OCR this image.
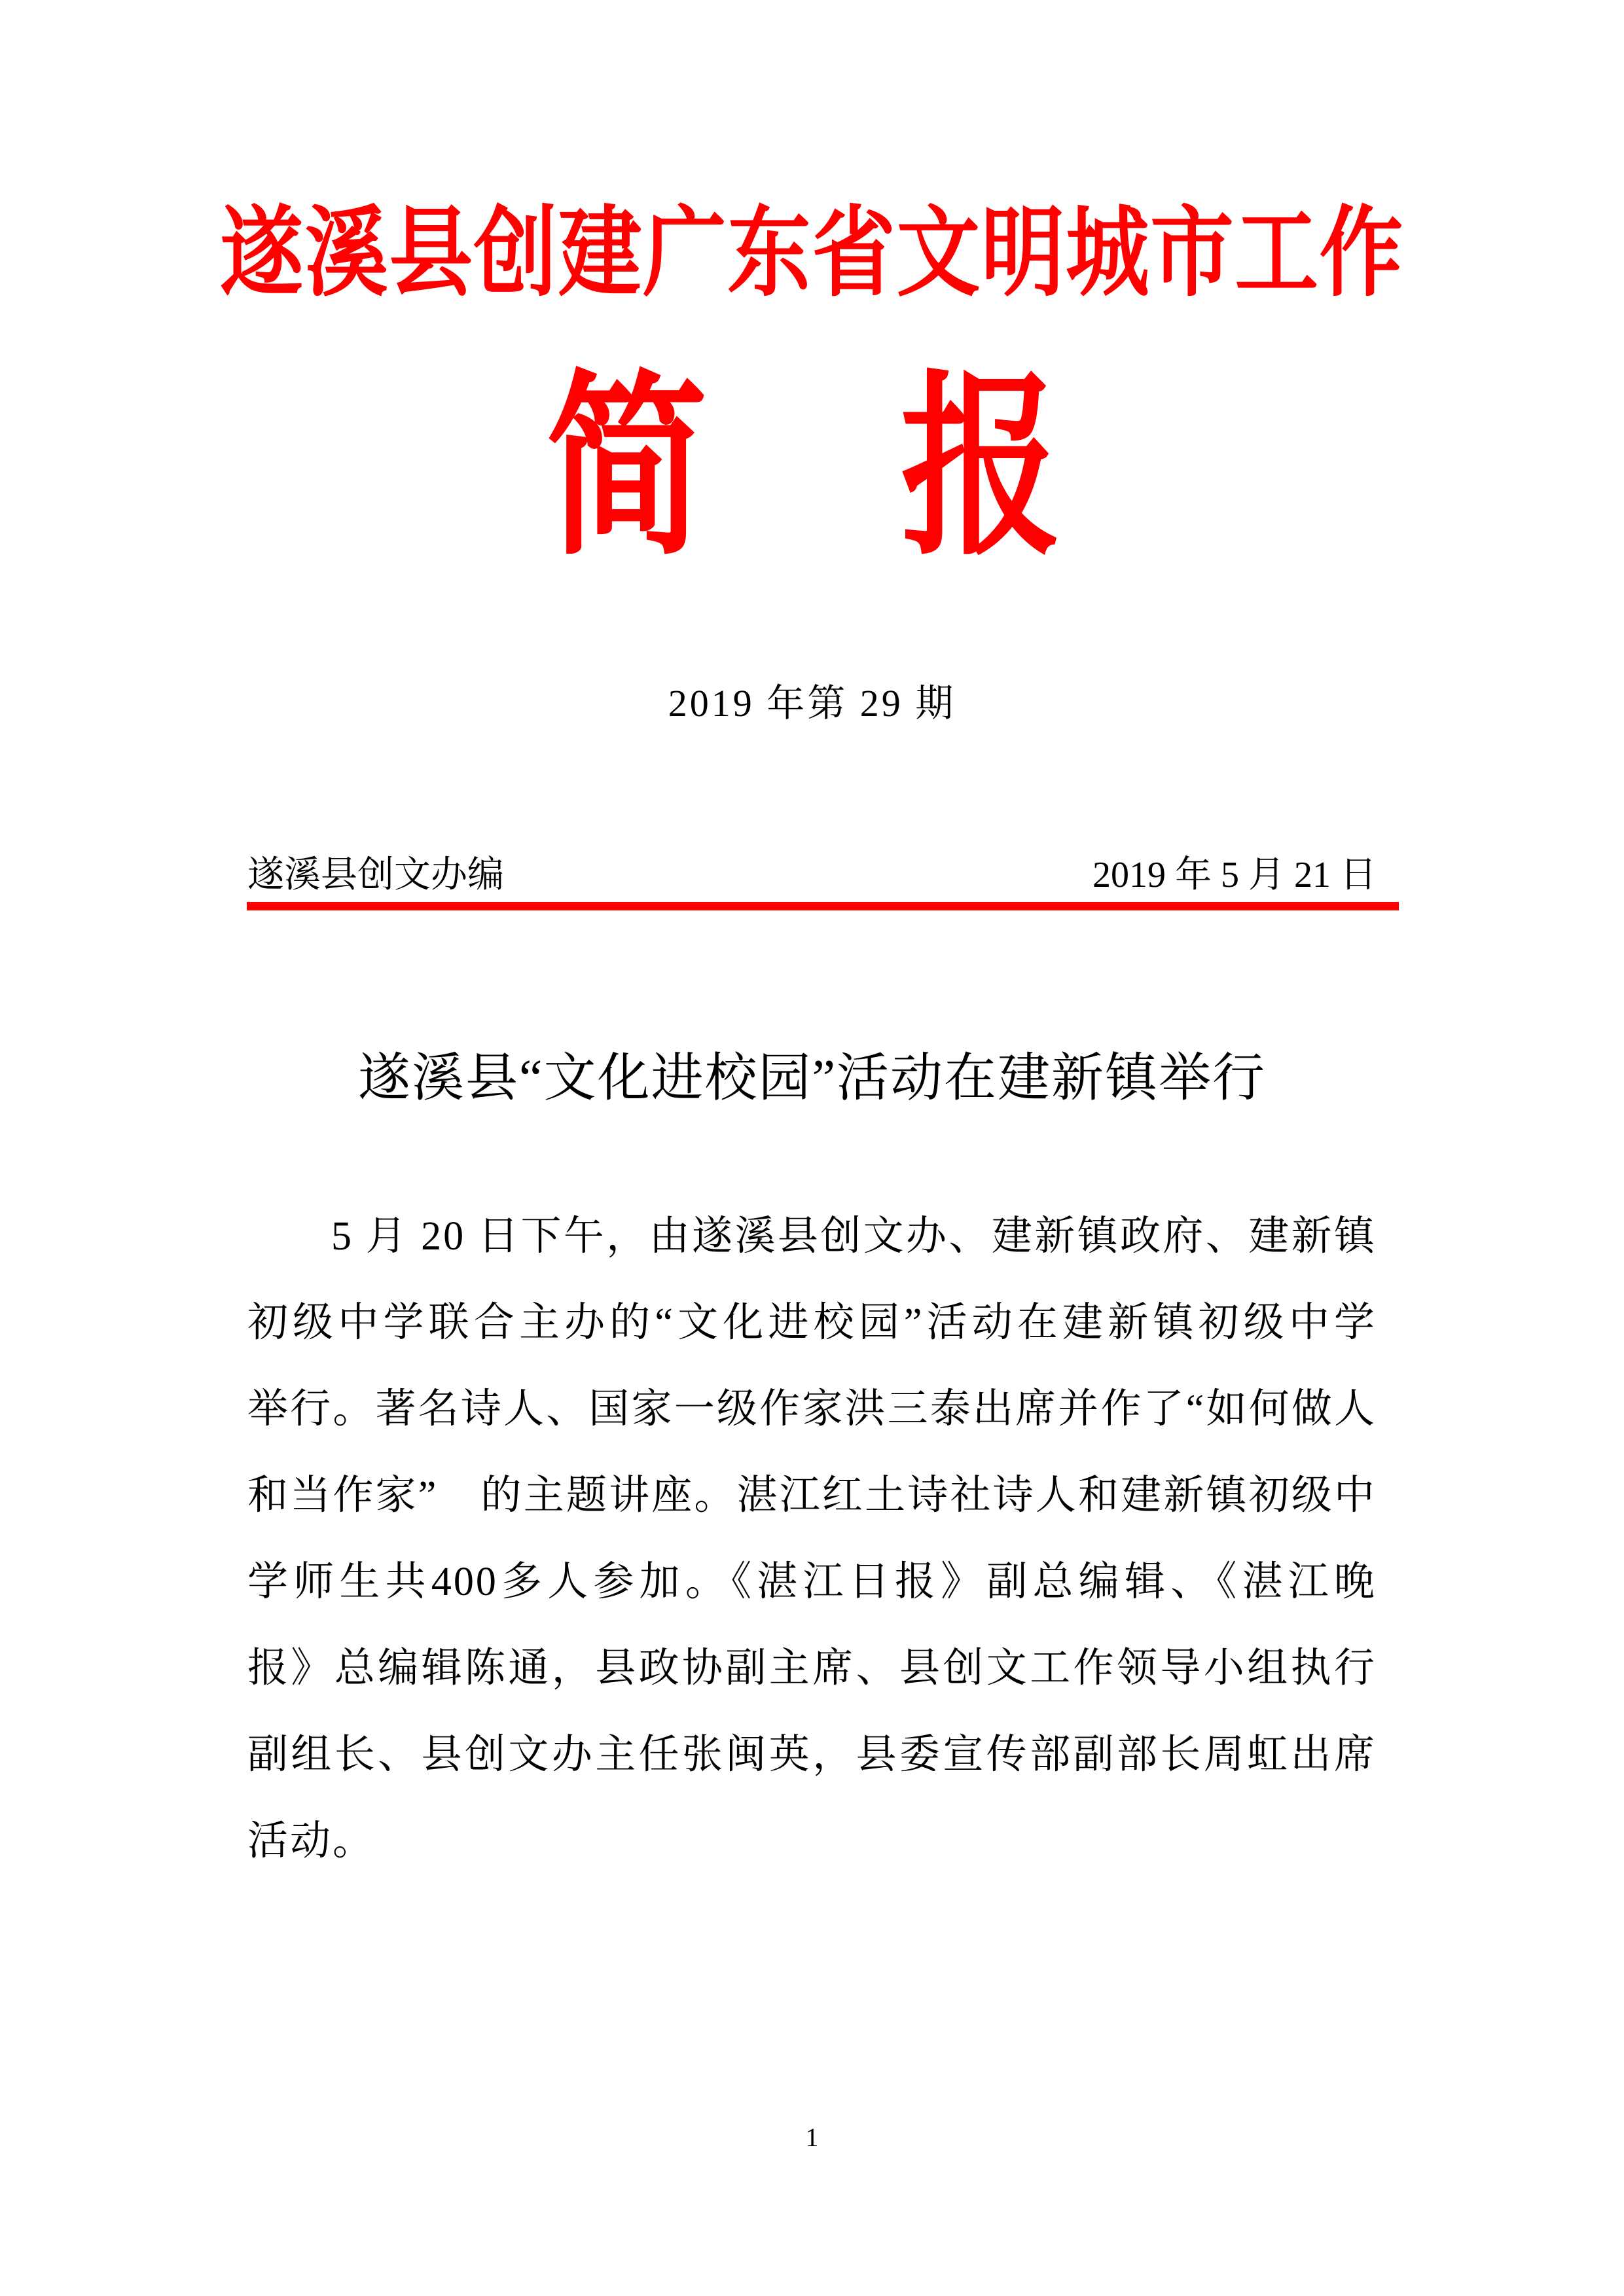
遂溪县创建广东省文明城市工作
简　报
2019 年第 29 期
遂溪县创文办编	2019 年 5 月 21 日
遂溪县“文化进校园”活动在建新镇举行
5 月 20 日下午，由遂溪县创文办、建新镇政府、建新镇
初级中学联合主办的“文化进校园”活动在建新镇初级中学
举行。著名诗人、国家一级作家洪三泰出席并作了“如何做人
和当作家”　的主题讲座。湛江红土诗社诗人和建新镇初级中
学师生共400多人参加。《湛江日报》副总编辑、《湛江晚
报》总编辑陈通，县政协副主席、县创文工作领导小组执行
副组长、县创文办主任张闽英，县委宣传部副部长周虹出席
活动。
1
